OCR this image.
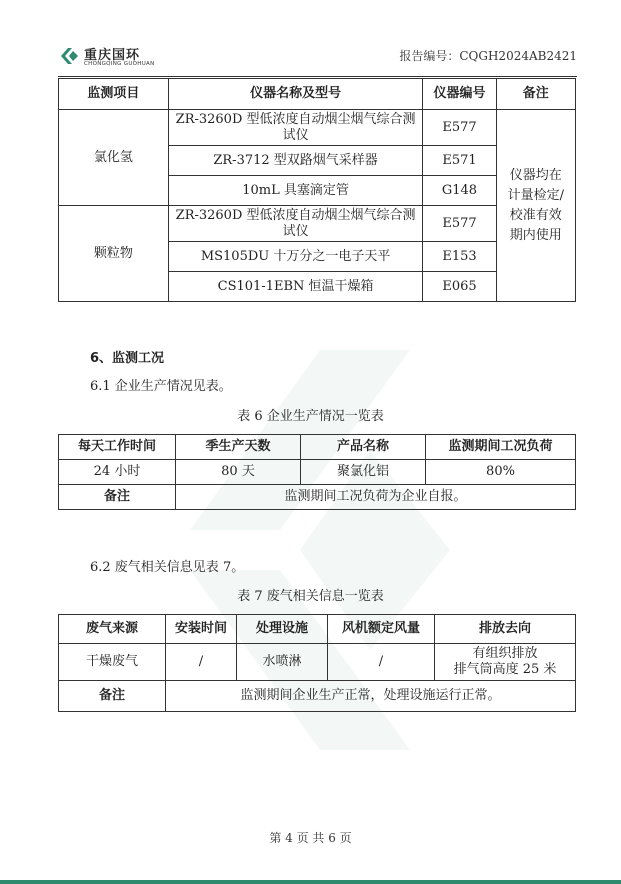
重庆国环
CHONGQING GUOHUAN
报告编号：CQGH2024AB2421
监测项目	仪器名称及型号	仪器编号	备注
氯化氢	ZR-3260D 型低浓度自动烟尘烟气综合测试仪	E577	仪器均在计量检定/校准有效期内使用
	ZR-3712 型双路烟气采样器	E571	
	10mL 具塞滴定管	G148	
颗粒物	ZR-3260D 型低浓度自动烟尘烟气综合测试仪	E577	
	MS105DU 十万分之一电子天平	E153	
	CS101-1EBN 恒温干燥箱	E065	
6、监测工况
6.1 企业生产情况见表。
表 6 企业生产情况一览表
每天工作时间	季生产天数	产品名称	监测期间工况负荷
24 小时	80 天	聚氯化铝	80%
备注	监测期间工况负荷为企业自报。		
6.2 废气相关信息见表 7。
表 7 废气相关信息一览表
废气来源	安装时间	处理设施	风机额定风量	排放去向
干燥废气	/	水喷淋	/	有组织排放
排气筒高度 25 米

备注	监测期间企业生产正常，处理设施运行正常。			
第 4 页 共 6 页
